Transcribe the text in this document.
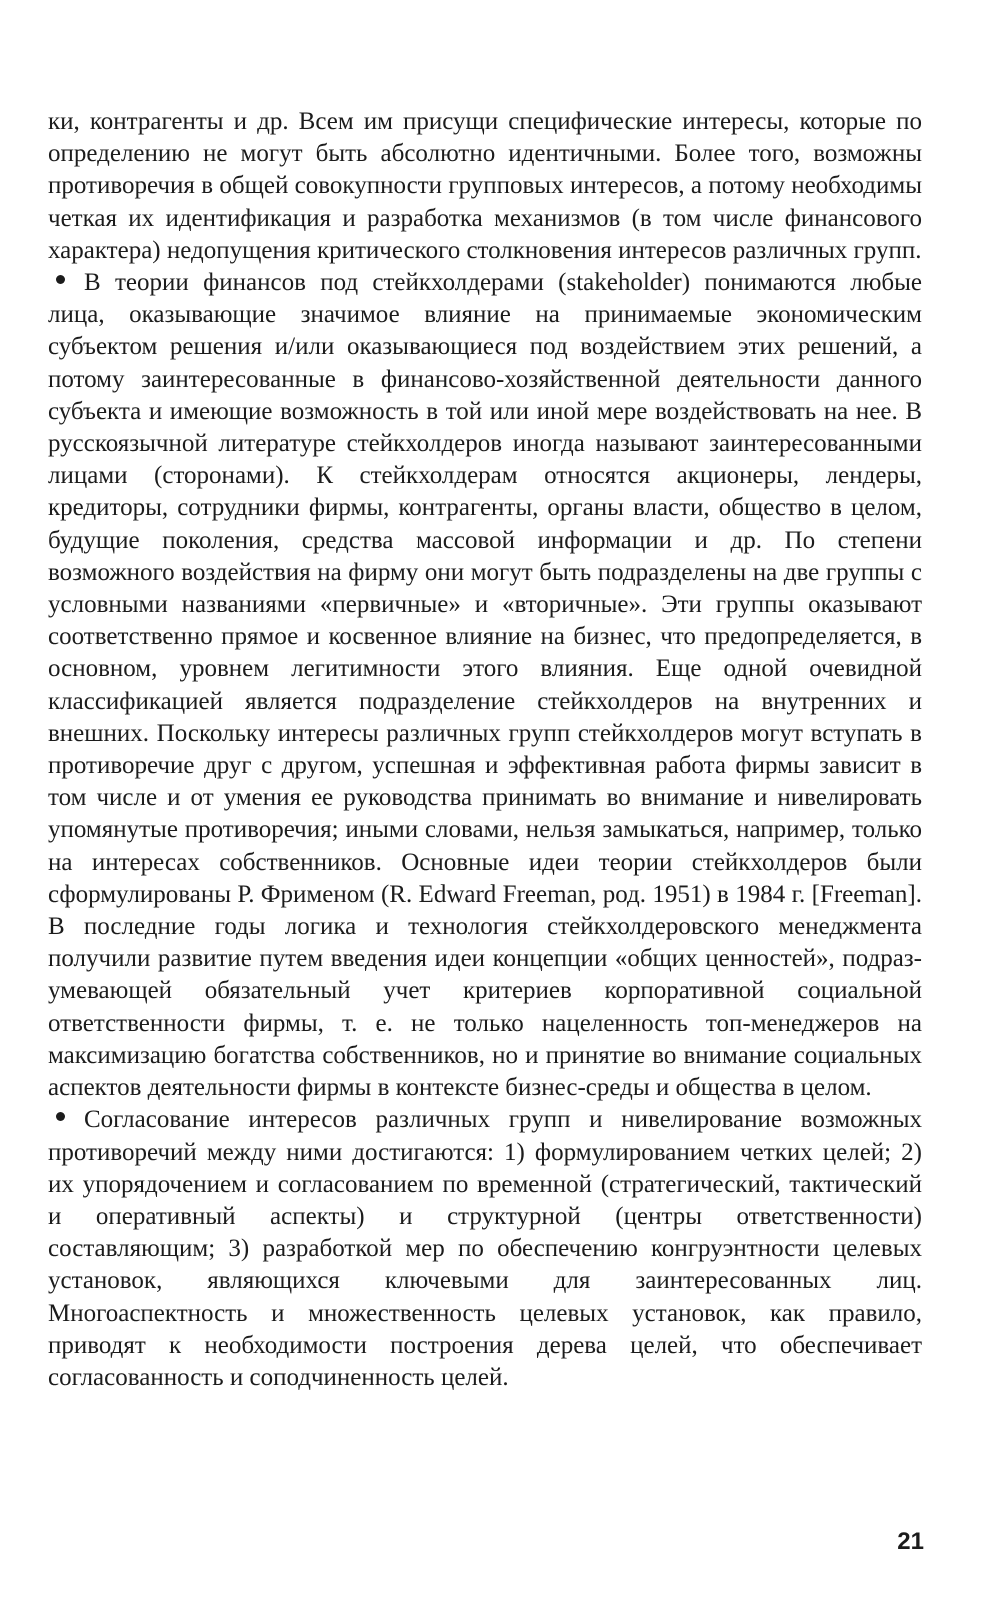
ки, контрагенты и др. Всем им присущи специфические интересы, которые по определению не могут быть абсолютно идентичными. Более того, возможны противоречия в общей совокупности групповых интересов, а потому необходимы четкая их идентификация и разработка механизмов (в том числе финансового характера) недопущения критического столкновения интересов различных групп.

В теории финансов под стейкхолдерами (stakeholder) понимаются любые лица, оказывающие значимое влияние на принимаемые экономическим субъектом решения и/или оказывающиеся под воздействием этих решений, а потому заинтересованные в финансово-хозяйственной деятельности данного субъекта и имеющие возможность в той или иной мере воздействовать на нее. В русскоязычной литературе стейкхолдеров иногда называют заинтересованными лицами (сторонами). К стейкхолдерам относятся акционеры, лендеры, кредиторы, сотрудники фирмы, контрагенты, органы власти, общество в целом, будущие поколения, средства массовой информации и др. По степени возможного воздействия на фирму они могут быть подразделены на две группы с условными названиями «первичные» и «вторичные». Эти группы оказывают соответственно прямое и косвенное влияние на бизнес, что предопределяется, в основном, уровнем легитимности этого влияния. Еще одной очевидной классификацией является подразделение стейкхолдеров на внутренних и внешних. Поскольку интересы различных групп стейкхолдеров могут вступать в противоречие друг с другом, успешная и эффективная работа фирмы зависит в том числе и от умения ее руководства принимать во внимание и нивелировать упомянутые противоречия; иными словами, нельзя замыкаться, например, только на интересах собственников. Основные идеи теории стейкхолдеров были сформулированы Р. Фрименом (R. Edward Freeman, род. 1951) в 1984 г. [Freeman]. В последние годы логика и технология стейкхолдеровского менеджмента получили развитие путем введения идеи концепции «общих ценностей», подразумевающей обязательный учет критериев корпоративной социальной ответственности фирмы, т. е. не только нацеленность топ-менеджеров на максимизацию богатства собственников, но и принятие во внимание социальных аспектов деятельности фирмы в контексте бизнес-среды и общества в целом.

Согласование интересов различных групп и нивелирование возможных противоречий между ними достигаются: 1) формулированием четких целей; 2) их упорядочением и согласованием по временной (стратегический, тактический и оперативный аспекты) и структурной (центры ответственности) составляющим; 3) разработкой мер по обеспечению конгруэнтности целевых установок, являющихся ключевыми для заинтересованных лиц. Многоаспектность и множественность целевых установок, как правило, приводят к необходимости построения дерева целей, что обеспечивает согласованность и соподчиненность целей.

21
